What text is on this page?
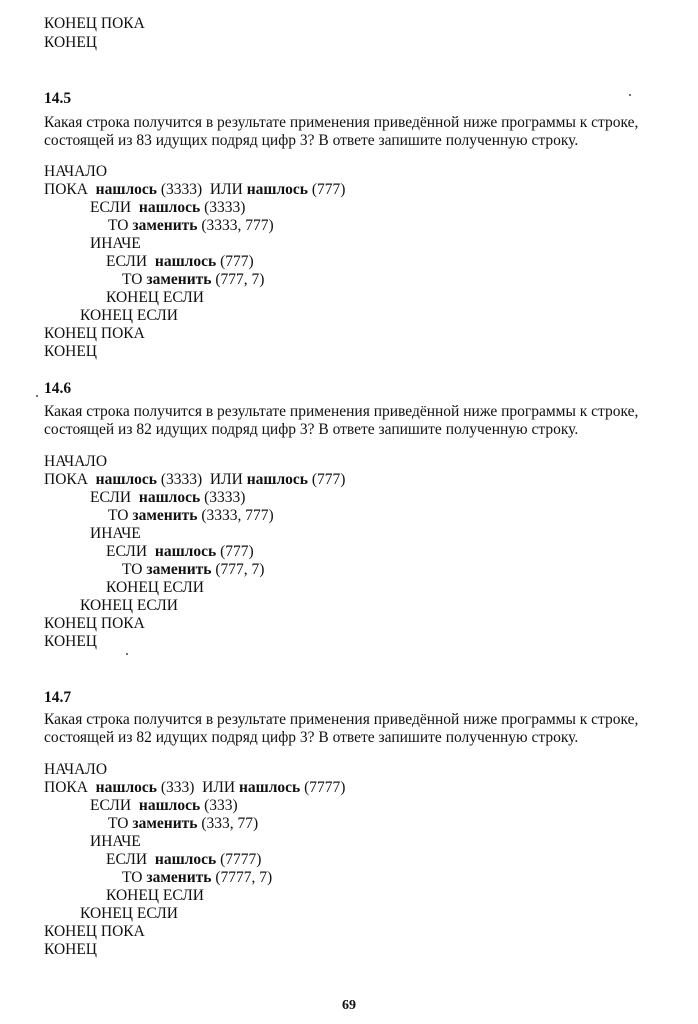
КОНЕЦ ПОКА
КОНЕЦ
14.5
Какая строка получится в результате применения приведённой ниже программы к строке,
состоящей из 83 идущих подряд цифр 3? В ответе запишите полученную строку.
НАЧАЛО
ПОКА нашлось (3333) ИЛИ нашлось (777)
ЕСЛИ нашлось (3333)
ТО заменить (3333, 777)
ИНАЧЕ
ЕСЛИ нашлось (777)
ТО заменить (777, 7)
КОНЕЦ ЕСЛИ
КОНЕЦ ЕСЛИ
КОНЕЦ ПОКА
КОНЕЦ
14.6
Какая строка получится в результате применения приведённой ниже программы к строке,
состоящей из 82 идущих подряд цифр 3? В ответе запишите полученную строку.
НАЧАЛО
ПОКА нашлось (3333) ИЛИ нашлось (777)
ЕСЛИ нашлось (3333)
ТО заменить (3333, 777)
ИНАЧЕ
ЕСЛИ нашлось (777)
ТО заменить (777, 7)
КОНЕЦ ЕСЛИ
КОНЕЦ ЕСЛИ
КОНЕЦ ПОКА
КОНЕЦ
14.7
Какая строка получится в результате применения приведённой ниже программы к строке,
состоящей из 82 идущих подряд цифр 3? В ответе запишите полученную строку.
НАЧАЛО
ПОКА нашлось (333) ИЛИ нашлось (7777)
ЕСЛИ нашлось (333)
ТО заменить (333, 77)
ИНАЧЕ
ЕСЛИ нашлось (7777)
ТО заменить (7777, 7)
КОНЕЦ ЕСЛИ
КОНЕЦ ЕСЛИ
КОНЕЦ ПОКА
КОНЕЦ
69
